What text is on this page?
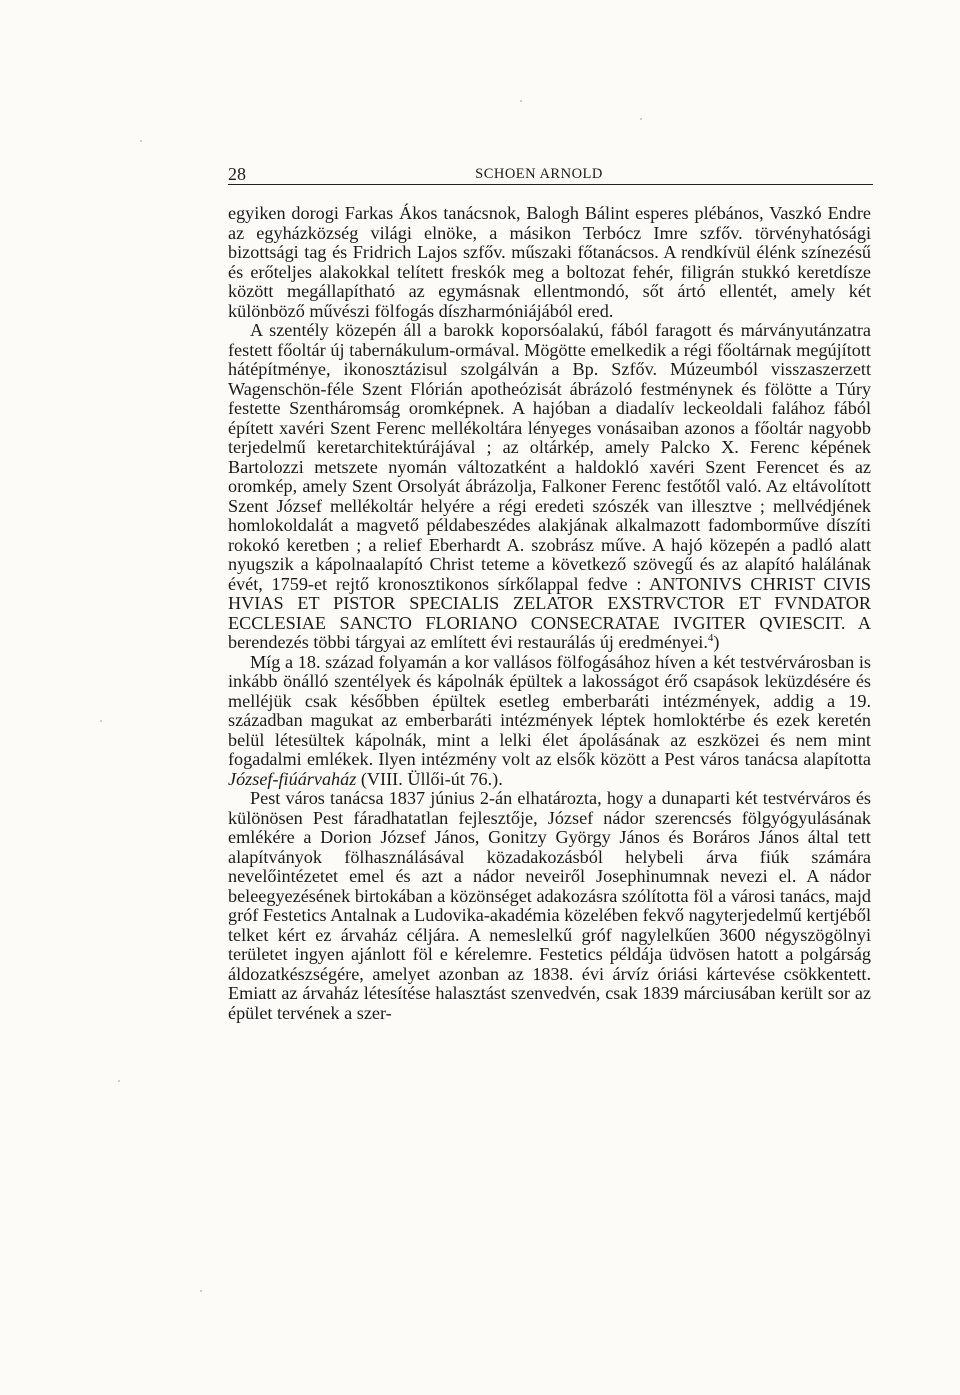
28	SCHOEN ARNOLD

egyiken dorogi Farkas Ákos tanácsnok, Balogh Bálint esperes plébános, Vaszkó Endre az egyházközség világi elnöke, a másikon Terbócz Imre szfőv. törvényhatósági bizottsági tag és Fridrich Lajos szfőv. műszaki főtanácsos. A rendkívül élénk színezésű és erőteljes alakokkal telített freskók meg a boltozat fehér, filigrán stukkó keretdísze között megállapítható az egymásnak ellentmondó, sőt ártó ellentét, amely két különböző művészi fölfogás díszharmóniájából ered.

A szentély közepén áll a barokk koporsóalakú, fából faragott és márványutánzatra festett főoltár új tabernákulum-ormával. Mögötte emelkedik a régi főoltárnak megújított hátépítménye, ikonosztázisul szolgálván a Bp. Szfőv. Múzeumból visszaszerzett Wagenschön-féle Szent Flórián apotheózisát ábrázoló festménynek és fölötte a Túry festette Szentháromság oromképnek. A hajóban a diadalív leckeoldali falához fából épített xavéri Szent Ferenc mellékoltára lényeges vonásaiban azonos a főoltár nagyobb terjedelmű keretarchitektúrájával ; az oltárkép, amely Palcko X. Ferenc képének Bartolozzi metszete nyomán változatként a haldokló xavéri Szent Ferencet és az oromkép, amely Szent Orsolyát ábrázolja, Falkoner Ferenc festőtől való. Az eltávolított Szent József mellékoltár helyére a régi eredeti szószék van illesztve ; mellvédjének homlokoldalát a magvető példabeszédes alakjának alkalmazott fadomborműve díszíti rokokó keretben ; a relief Eberhardt A. szobrász műve. A hajó közepén a padló alatt nyugszik a kápolnaalapító Christ teteme a következő szövegű és az alapító halálának évét, 1759-et rejtő kronosztikonos sírkőlappal fedve : ANTONIVS CHRIST CIVIS HVIAS ET PISTOR SPECIALIS ZELATOR EXSTRVCTOR ET FVNDATOR ECCLESIAE SANCTO FLORIANO CONSECRATAE IVGITER QVIESCIT. A berendezés többi tárgyai az említett évi restaurálás új eredményei.$^4$)

Míg a 18. század folyamán a kor vallásos fölfogásához híven a két testvérvárosban is inkább önálló szentélyek és kápolnák épültek a lakosságot érő csapások leküzdésére és melléjük csak későbben épültek esetleg emberbaráti intézmények, addig a 19. században magukat az emberbaráti intézmények léptek homloktérbe és ezek keretén belül létesültek kápolnák, mint a lelki élet ápolásának az eszközei és nem mint fogadalmi emlékek. Ilyen intézmény volt az elsők között a Pest város tanácsa alapította József-fiúárvaház (VIII. Üllői-út 76.).

Pest város tanácsa 1837 június 2-án elhatározta, hogy a dunaparti két testvérváros és különösen Pest fáradhatatlan fejlesztője, József nádor szerencsés fölgyógyulásának emlékére a Dorion József János, Gonitzy György János és Boráros János által tett alapítványok fölhasználásával közadakozásból helybeli árva fiúk számára nevelőintézetet emel és azt a nádor neveiről Josephinumnak nevezi el. A nádor beleegyezésének birtokában a közönséget adakozásra szólította föl a városi tanács, majd gróf Festetics Antalnak a Ludovika-akadémia közelében fekvő nagyterjedelmű kertjéből telket kért ez árvaház céljára. A nemeslelkű gróf nagylelkűen 3600 négyszögölnyi területet ingyen ajánlott föl e kérelemre. Festetics példája üdvösen hatott a polgárság áldozatkészségére, amelyet azonban az 1838. évi árvíz óriási kártevése csökkentett. Emiatt az árvaház létesítése halasztást szenvedvén, csak 1839 márciusában került sor az épület tervének a szer-
